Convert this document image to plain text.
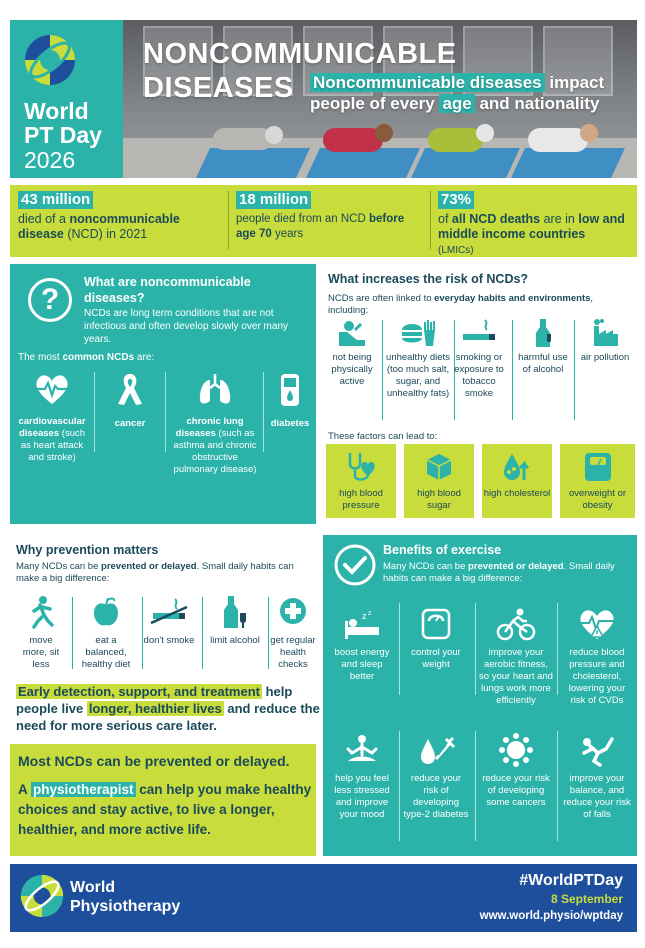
World
PT Day
2026
NONCOMMUNICABLE
DISEASES Noncommunicable diseases impact
people of every age and nationality
43 million
died of a noncommunicable disease (NCD) in 2021
18 million
people died from an NCD before age 70 years
73%
of all NCD deaths are in low and middle income countries
(LMICs)
?
What are noncommunicable diseases?
NCDs are long term conditions that are not infectious and often develop slowly over many years.
The most common NCDs are:
cardiovascular diseases (such as heart attack and stroke)
cancer	chronic lung diseases (such as asthma and chronic obstructive pulmonary disease)
diabetes
What increases the risk of NCDs?
NCDs are often linked to everyday habits and environments, including:
not being physically active
unhealthy diets (too much salt, sugar, and unhealthy fats)
smoking or exposure to tobacco smoke
harmful use of alcohol
air pollution
These factors can lead to:
high blood pressure
high blood sugar
high cholesterol	overweight or obesity
Why prevention matters
Many NCDs can be prevented or delayed. Small daily habits can make a big difference:
move more, sit less
eat a balanced, healthy diet
don't smoke	limit alcohol	get regular health checks
Early detection, support, and treatment help people live longer, healthier lives and reduce the need for more serious care later.
Most NCDs can be prevented or delayed.
A physiotherapist can help you make healthy choices and stay active, to live a longer, healthier, and more active life.
Benefits of exercise
Many NCDs can be prevented or delayed. Small daily habits can make a big difference:
z z
boost energy and sleep better
control your weight
improve your aerobic fitness, so your heart and lungs work more efficiently
reduce blood pressure and cholesterol, lowering your risk of CVDs
help you feel less stressed and improve your mood
reduce your risk of developing type-2 diabetes
reduce your risk of developing some cancers
improve your balance, and reduce your risk of falls
World
Physiotherapy
#WorldPTDay
8 September
www.world.physio/wptday
